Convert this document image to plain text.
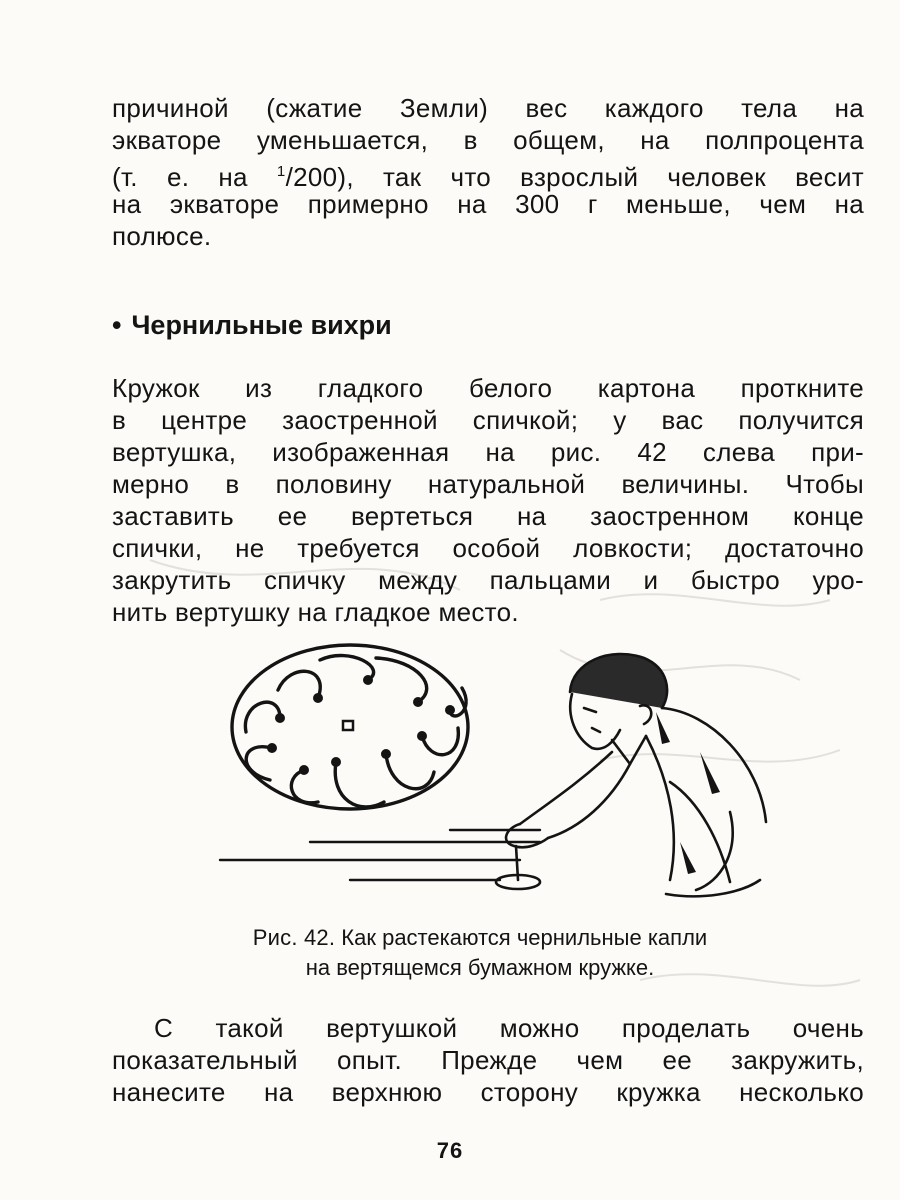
причиной (сжатие Земли) вес каждого тела на
экваторе уменьшается, в общем, на полпроцента
(т. е. на $^1$/200), так что взрослый человек весит
на экваторе примерно на 300 г меньше, чем на
полюсе.
• Чернильные вихри
Кружок из гладкого белого картона проткните
в центре заостренной спичкой; у вас получится
вертушка, изображенная на рис. 42 слева при-
мерно в половину натуральной величины. Чтобы
заставить ее вертеться на заостренном конце
спички, не требуется особой ловкости; достаточно
закрутить спичку между пальцами и быстро уро-
нить вертушку на гладкое место.
Рис. 42. Как растекаются чернильные капли
на вертящемся бумажном кружке.
С такой вертушкой можно проделать очень
показательный опыт. Прежде чем ее закружить,
нанесите на верхнюю сторону кружка несколько
76
